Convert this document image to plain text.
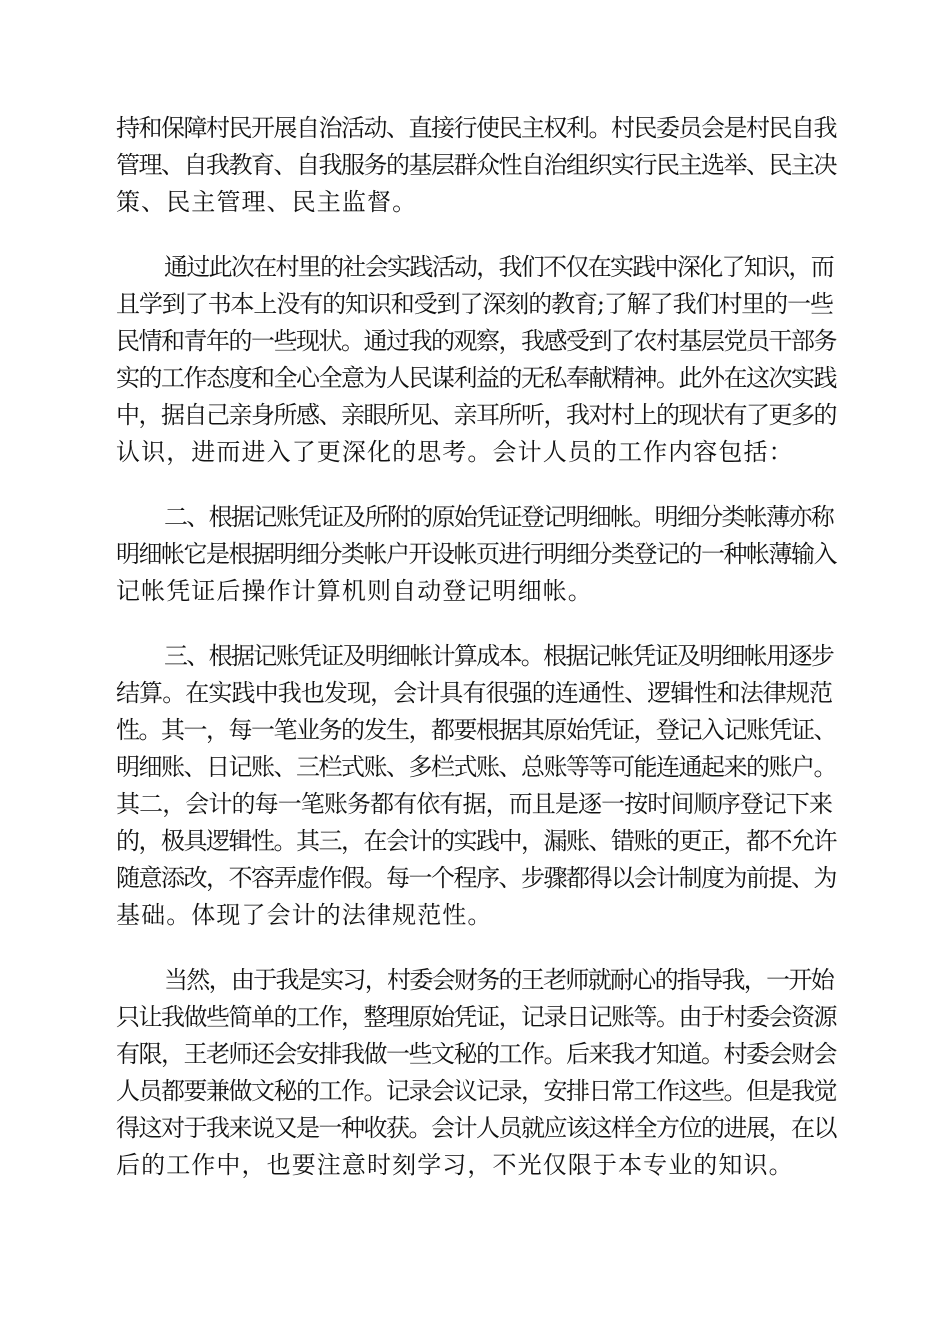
持和保障村民开展自治活动、直接行使民主权利。村民委员会是村民自我
管理、自我教育、自我服务的基层群众性自治组织实行民主选举、民主决
策、民主管理、民主监督。
通过此次在村里的社会实践活动，我们不仅在实践中深化了知识，而
且学到了书本上没有的知识和受到了深刻的教育;了解了我们村里的一些
民情和青年的一些现状。通过我的观察，我感受到了农村基层党员干部务
实的工作态度和全心全意为人民谋利益的无私奉献精神。此外在这次实践
中，据自己亲身所感、亲眼所见、亲耳所听，我对村上的现状有了更多的
认识，进而进入了更深化的思考。会计人员的工作内容包括：
二、根据记账凭证及所附的原始凭证登记明细帐。明细分类帐薄亦称
明细帐它是根据明细分类帐户开设帐页进行明细分类登记的一种帐薄输入
记帐凭证后操作计算机则自动登记明细帐。
三、根据记账凭证及明细帐计算成本。根据记帐凭证及明细帐用逐步
结算。在实践中我也发现，会计具有很强的连通性、逻辑性和法律规范
性。其一，每一笔业务的发生，都要根据其原始凭证，登记入记账凭证、
明细账、日记账、三栏式账、多栏式账、总账等等可能连通起来的账户。
其二，会计的每一笔账务都有依有据，而且是逐一按时间顺序登记下来
的，极具逻辑性。其三，在会计的实践中，漏账、错账的更正，都不允许
随意添改，不容弄虚作假。每一个程序、步骤都得以会计制度为前提、为
基础。体现了会计的法律规范性。
当然，由于我是实习，村委会财务的王老师就耐心的指导我，一开始
只让我做些简单的工作，整理原始凭证，记录日记账等。由于村委会资源
有限，王老师还会安排我做一些文秘的工作。后来我才知道。村委会财会
人员都要兼做文秘的工作。记录会议记录，安排日常工作这些。但是我觉
得这对于我来说又是一种收获。会计人员就应该这样全方位的进展，在以
后的工作中，也要注意时刻学习，不光仅限于本专业的知识。
